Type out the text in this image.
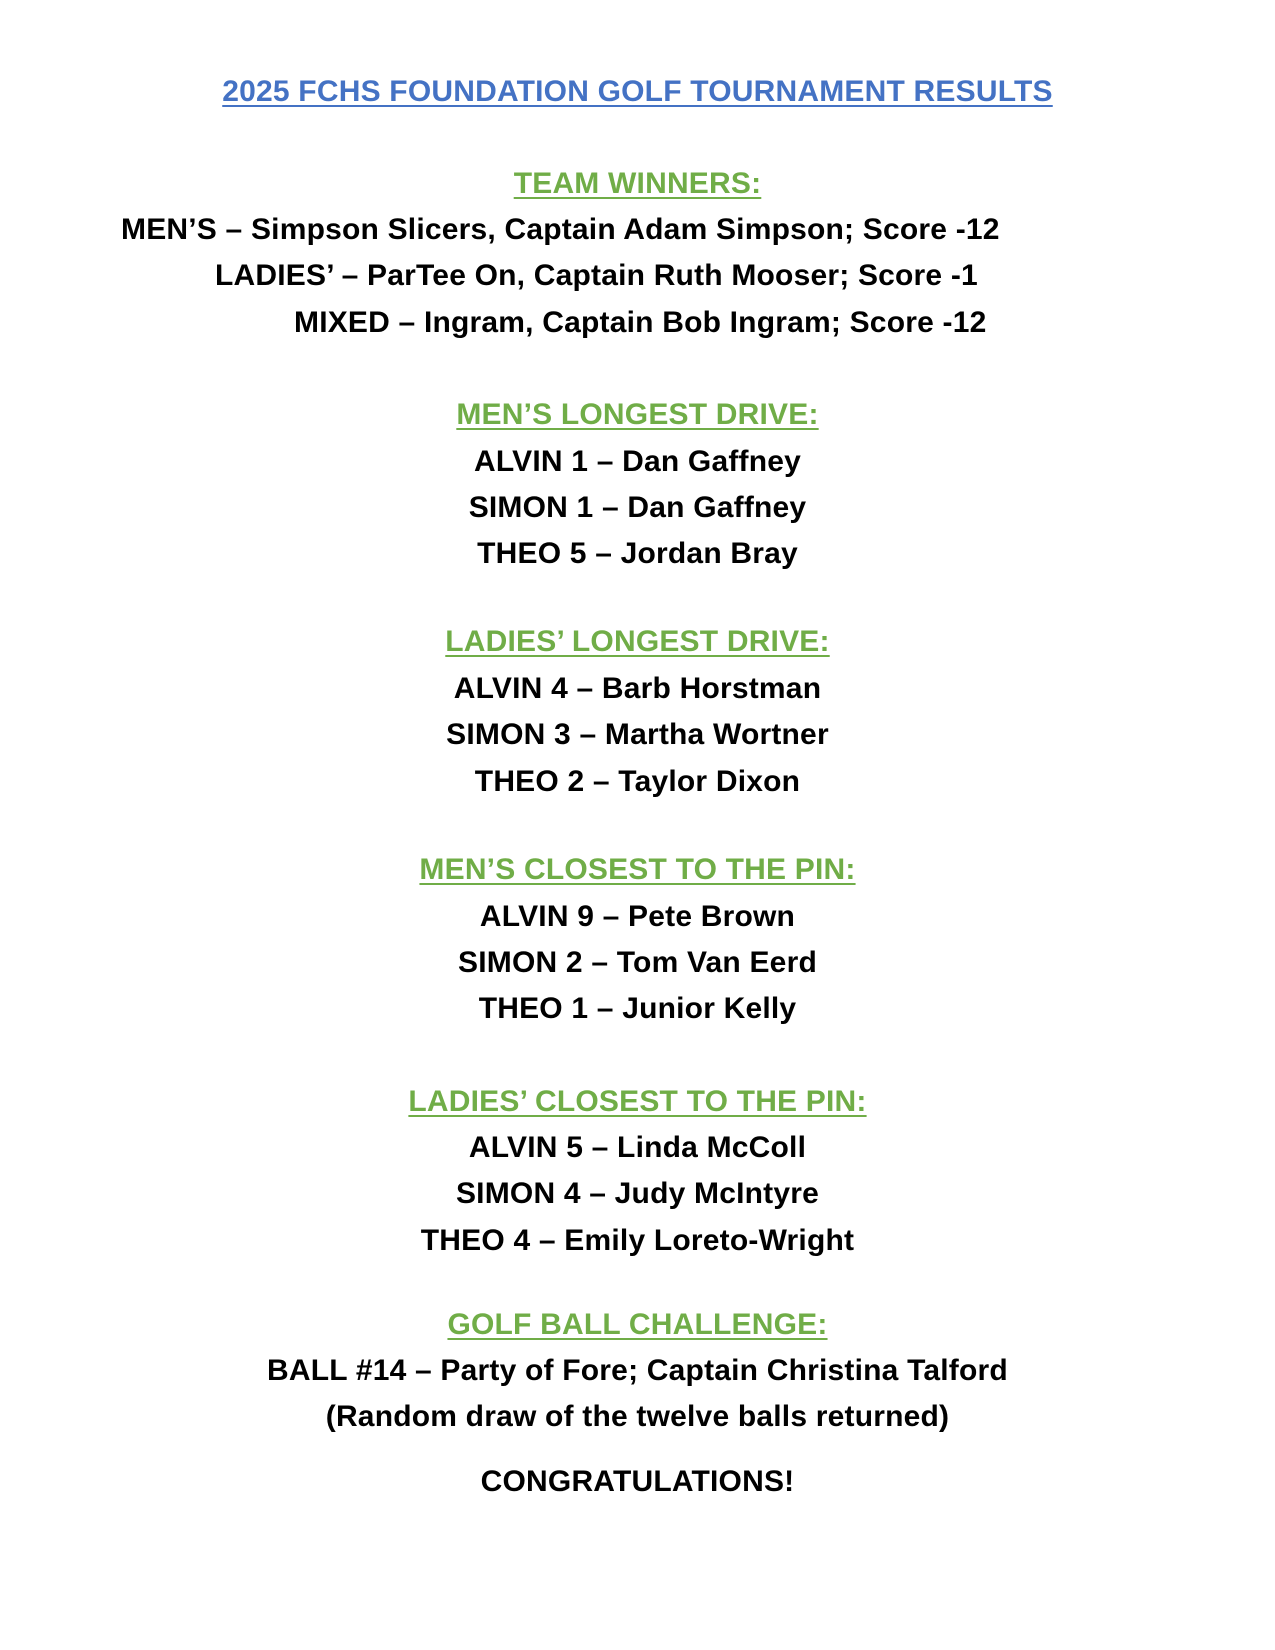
2025 FCHS FOUNDATION GOLF TOURNAMENT RESULTS
TEAM WINNERS:
MEN’S – Simpson Slicers, Captain Adam Simpson; Score -12
LADIES’ – ParTee On, Captain Ruth Mooser; Score -1
MIXED – Ingram, Captain Bob Ingram; Score -12
MEN’S LONGEST DRIVE:
ALVIN 1 – Dan Gaffney
SIMON 1 – Dan Gaffney
THEO 5 – Jordan Bray
LADIES’ LONGEST DRIVE:
ALVIN 4 – Barb Horstman
SIMON 3 – Martha Wortner
THEO 2 – Taylor Dixon
MEN’S CLOSEST TO THE PIN:
ALVIN 9 – Pete Brown
SIMON 2 – Tom Van Eerd
THEO 1 – Junior Kelly
LADIES’ CLOSEST TO THE PIN:
ALVIN 5 – Linda McColl
SIMON 4 – Judy McIntyre
THEO 4 – Emily Loreto-Wright
GOLF BALL CHALLENGE:
BALL #14 – Party of Fore; Captain Christina Talford
(Random draw of the twelve balls returned)
CONGRATULATIONS!
